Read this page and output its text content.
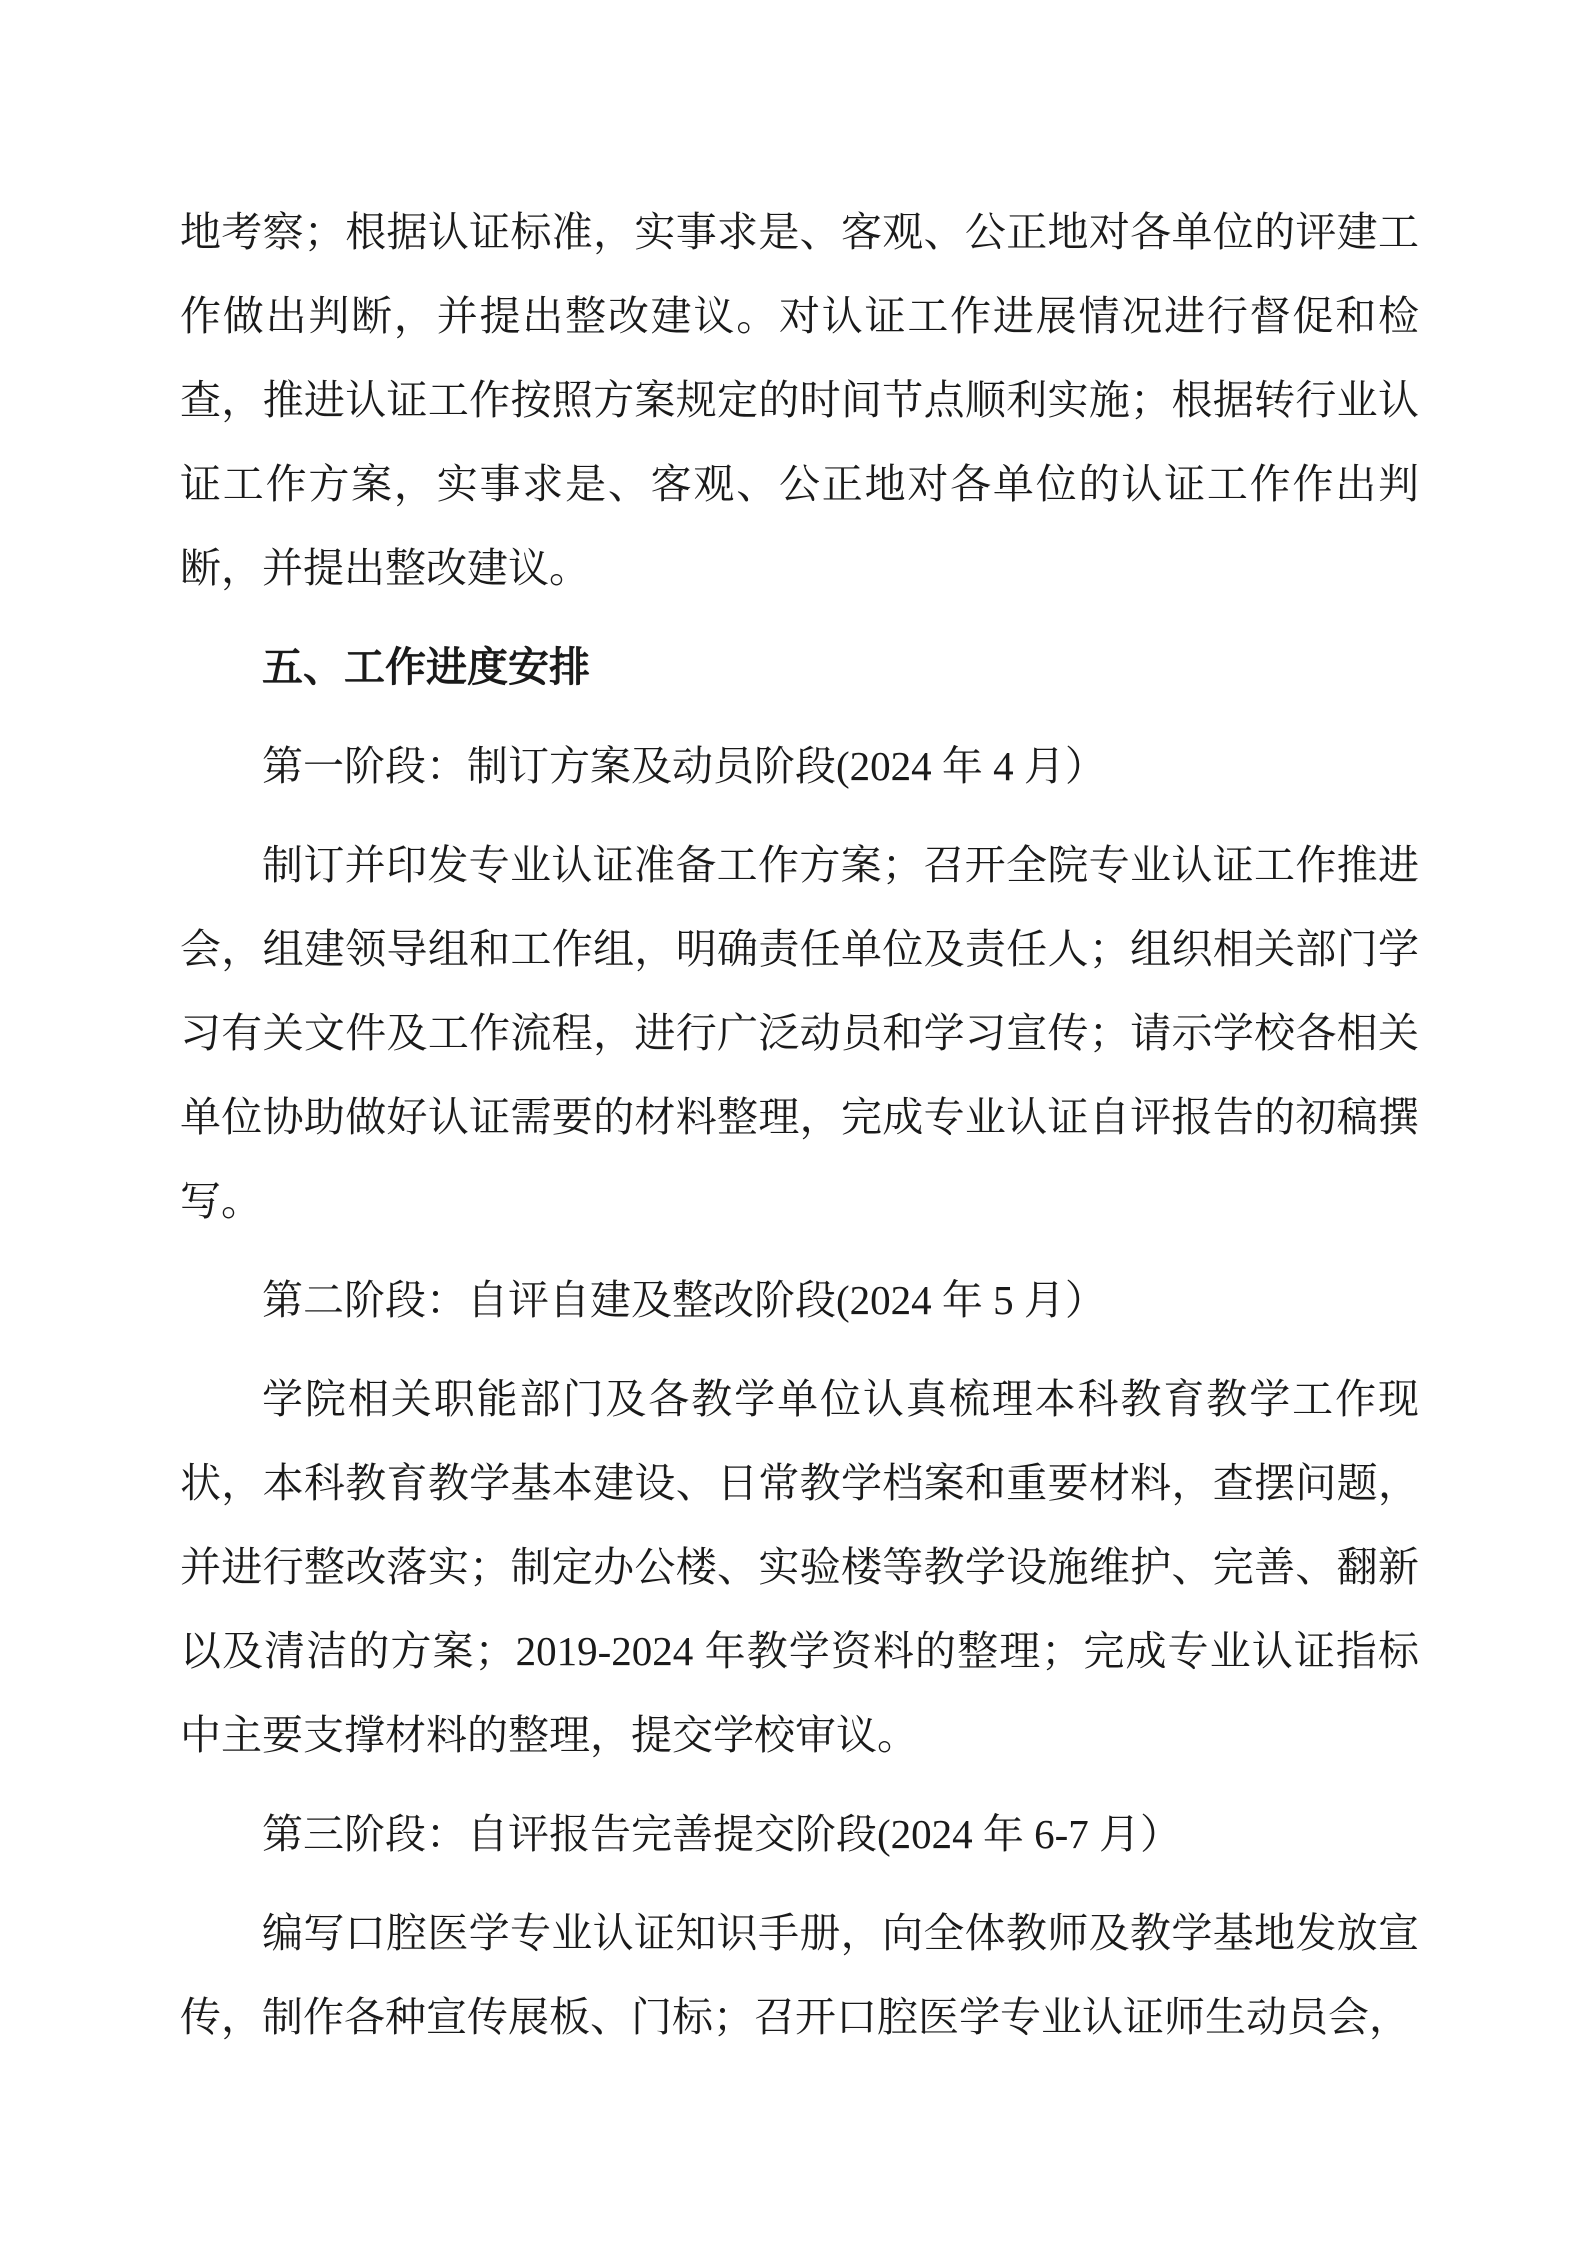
地考察；根据认证标准，实事求是、客观、公正地对各单位的评建工作做出判断，并提出整改建议。对认证工作进展情况进行督促和检查，推进认证工作按照方案规定的时间节点顺利实施；根据转行业认证工作方案，实事求是、客观、公正地对各单位的认证工作作出判断，并提出整改建议。

五、工作进度安排

第一阶段：制订方案及动员阶段(2024 年 4 月）

制订并印发专业认证准备工作方案；召开全院专业认证工作推进会，组建领导组和工作组，明确责任单位及责任人；组织相关部门学习有关文件及工作流程，进行广泛动员和学习宣传；请示学校各相关单位协助做好认证需要的材料整理，完成专业认证自评报告的初稿撰写。

第二阶段：自评自建及整改阶段(2024 年 5 月）

学院相关职能部门及各教学单位认真梳理本科教育教学工作现状，本科教育教学基本建设、日常教学档案和重要材料，查摆问题，并进行整改落实；制定办公楼、实验楼等教学设施维护、完善、翻新以及清洁的方案；2019-2024 年教学资料的整理；完成专业认证指标中主要支撑材料的整理，提交学校审议。

第三阶段：自评报告完善提交阶段(2024 年 6-7 月）

编写口腔医学专业认证知识手册，向全体教师及教学基地发放宣传，制作各种宣传展板、门标；召开口腔医学专业认证师生动员会，
